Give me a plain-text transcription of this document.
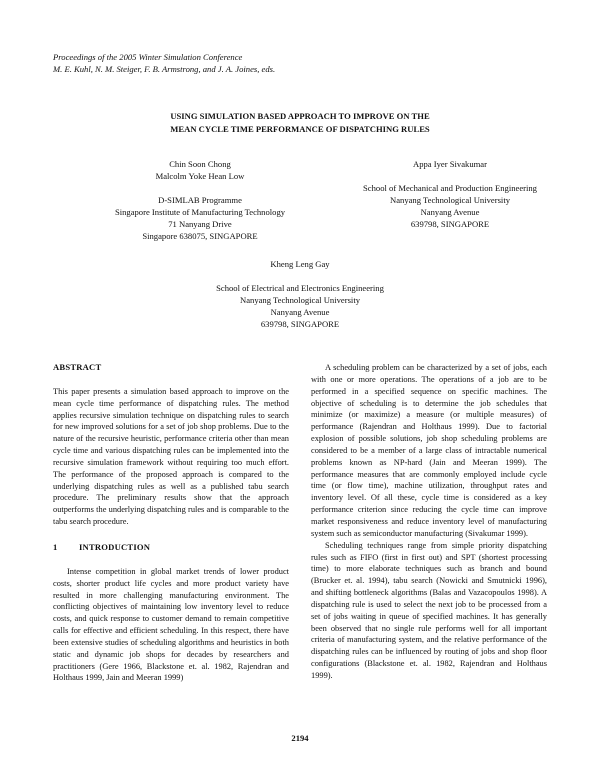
Proceedings of the 2005 Winter Simulation Conference
M. E. Kuhl, N. M. Steiger, F. B. Armstrong, and J. A. Joines, eds.
USING SIMULATION BASED APPROACH TO IMPROVE ON THE
MEAN CYCLE TIME PERFORMANCE OF DISPATCHING RULES
Chin Soon Chong
Malcolm Yoke Hean Low
D-SIMLAB Programme
Singapore Institute of Manufacturing Technology
71 Nanyang Drive
Singapore 638075, SINGAPORE
Appa Iyer Sivakumar
School of Mechanical and Production Engineering
Nanyang Technological University
Nanyang Avenue
639798, SINGAPORE
Kheng Leng Gay
School of Electrical and Electronics Engineering
Nanyang Technological University
Nanyang Avenue
639798, SINGAPORE
ABSTRACT

This paper presents a simulation based approach to improve on the mean cycle time performance of dispatching rules. The method applies recursive simulation technique on dispatching rules to search for new improved solutions for a set of job shop problems. Due to the nature of the recursive heuristic, performance criteria other than mean cycle time and various dispatching rules can be implemented into the recursive simulation framework without requiring too much effort. The performance of the proposed approach is compared to the underlying dispatching rules as well as a published tabu search procedure. The preliminary results show that the approach outperforms the underlying dispatching rules and is comparable to the tabu search procedure.

1	INTRODUCTION

Intense competition in global market trends of lower product costs, shorter product life cycles and more product variety have resulted in more challenging manufacturing environment. The conflicting objectives of maintaining low inventory level to reduce costs, and quick response to customer demand to remain competitive calls for effective and efficient scheduling. In this respect, there have been extensive studies of scheduling algorithms and heuristics in both static and dynamic job shops for decades by researchers and practitioners (Gere 1966, Blackstone et. al. 1982, Rajendran and Holthaus 1999, Jain and Meeran 1999)

A scheduling problem can be characterized by a set of jobs, each with one or more operations. The operations of a job are to be performed in a specified sequence on specific machines. The objective of scheduling is to determine the job schedules that minimize (or maximize) a measure (or multiple measures) of performance (Rajendran and Holthaus 1999). Due to factorial explosion of possible solutions, job shop scheduling problems are considered to be a member of a large class of intractable numerical problems known as NP-hard (Jain and Meeran 1999). The performance measures that are commonly employed include cycle time (or flow time), machine utilization, throughput rates and inventory level. Of all these, cycle time is considered as a key performance criterion since reducing the cycle time can improve market responsiveness and reduce inventory level of manufacturing system such as semiconductor manufacturing (Sivakumar 1999).

Scheduling techniques range from simple priority dispatching rules such as FIFO (first in first out) and SPT (shortest processing time) to more elaborate techniques such as branch and bound (Brucker et. al. 1994), tabu search (Nowicki and Smutnicki 1996), and shifting bottleneck algorithms (Balas and Vazacopoulos 1998). A dispatching rule is used to select the next job to be processed from a set of jobs waiting in queue of specified machines. It has generally been observed that no single rule performs well for all important criteria of manufacturing system, and the relative performance of the dispatching rules can be influenced by routing of jobs and shop floor configurations (Blackstone et. al. 1982, Rajendran and Holthaus 1999).

2194
